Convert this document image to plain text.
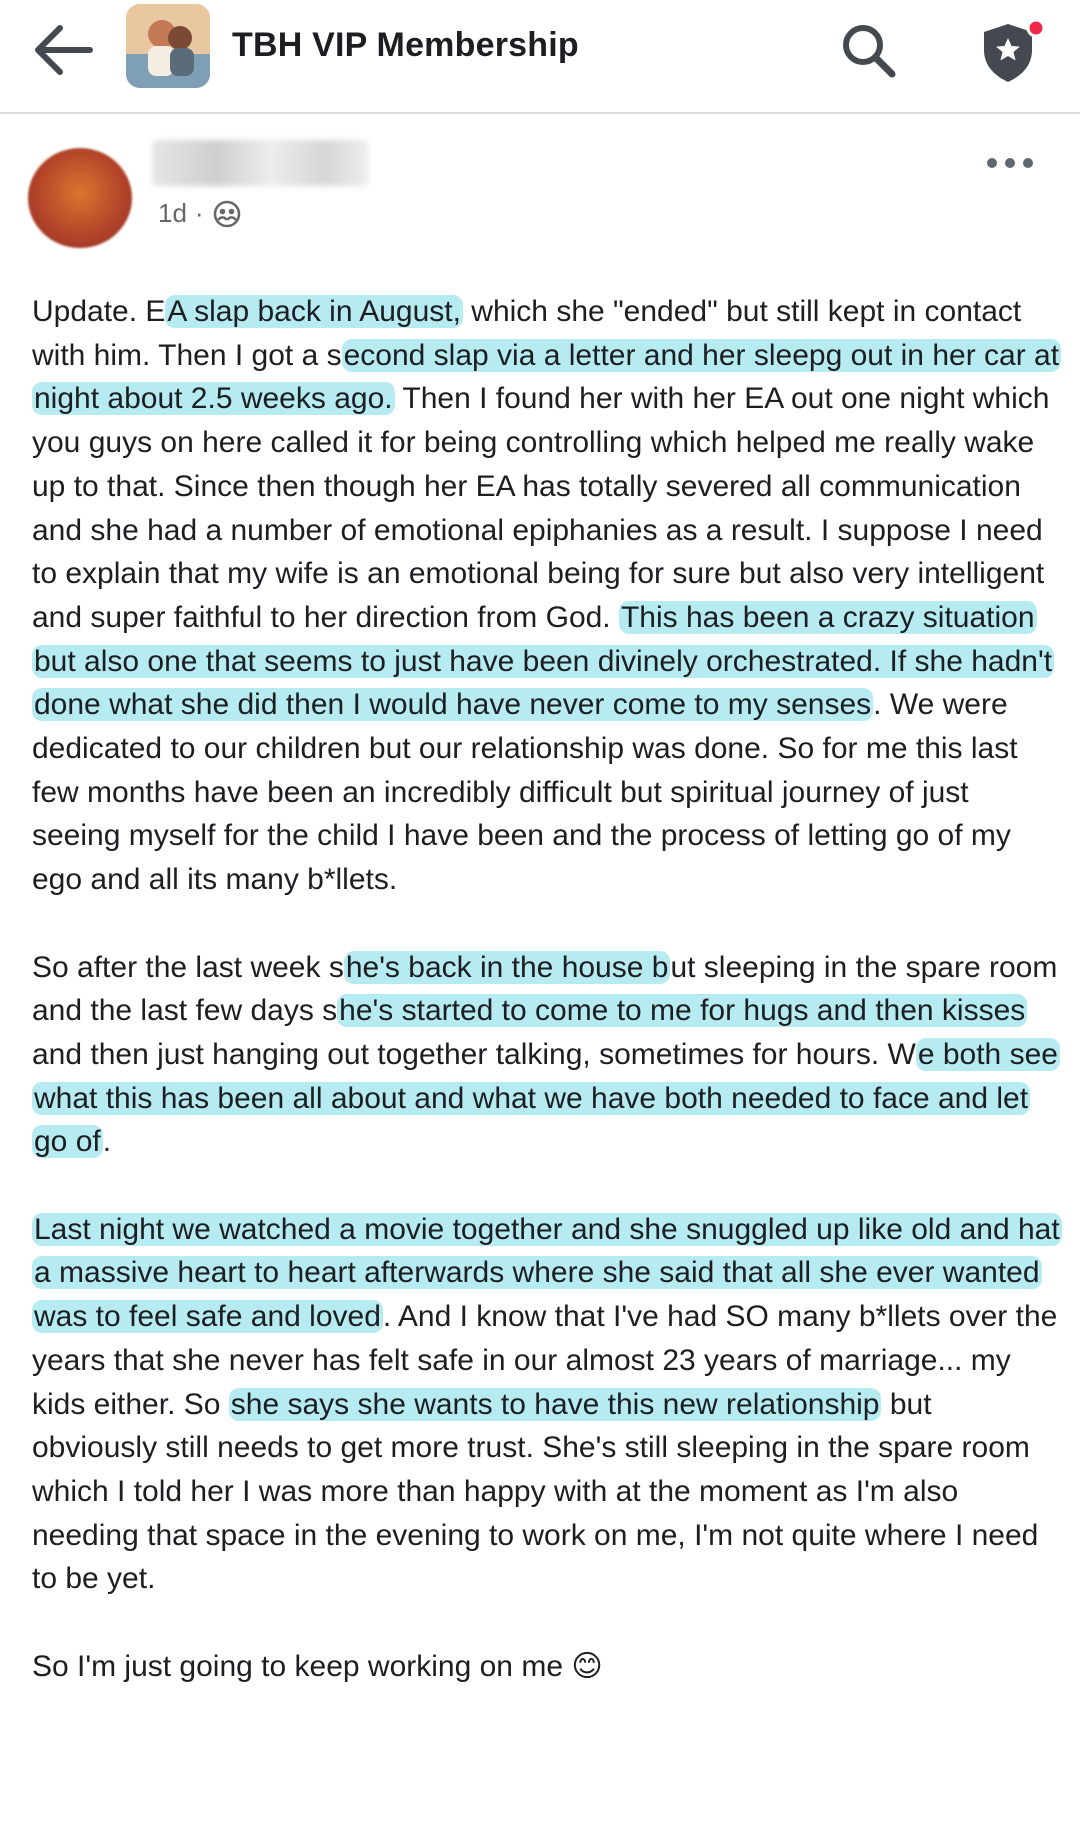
TBH VIP Membership
1d ·
Update. EA slap back in August, which she "ended" but still kept in contact with him. Then I got a second slap via a letter and her sleepg out in her car at night about 2.5 weeks ago. Then I found her with her EA out one night which you guys on here called it for being controlling which helped me really wake up to that. Since then though her EA has totally severed all communication and she had a number of emotional epiphanies as a result. I suppose I need to explain that my wife is an emotional being for sure but also very intelligent and super faithful to her direction from God. This has been a crazy situation but also one that seems to just have been divinely orchestrated. If she hadn't done what she did then I would have never come to my senses. We were dedicated to our children but our relationship was done. So for me this last few months have been an incredibly difficult but spiritual journey of just seeing myself for the child I have been and the process of letting go of my ego and all its many b*llets.
So after the last week she's back in the house but sleeping in the spare room and the last few days she's started to come to me for hugs and then kisses and then just hanging out together talking, sometimes for hours. We both see what this has been all about and what we have both needed to face and let go of.
Last night we watched a movie together and she snuggled up like old and hat a massive heart to heart afterwards where she said that all she ever wanted was to feel safe and loved. And I know that I've had SO many b*llets over the years that she never has felt safe in our almost 23 years of marriage... my kids either. So she says she wants to have this new relationship but obviously still needs to get more trust. She's still sleeping in the spare room which I told her I was more than happy with at the moment as I'm also needing that space in the evening to work on me, I'm not quite where I need to be yet.
So I'm just going to keep working on me 😊
